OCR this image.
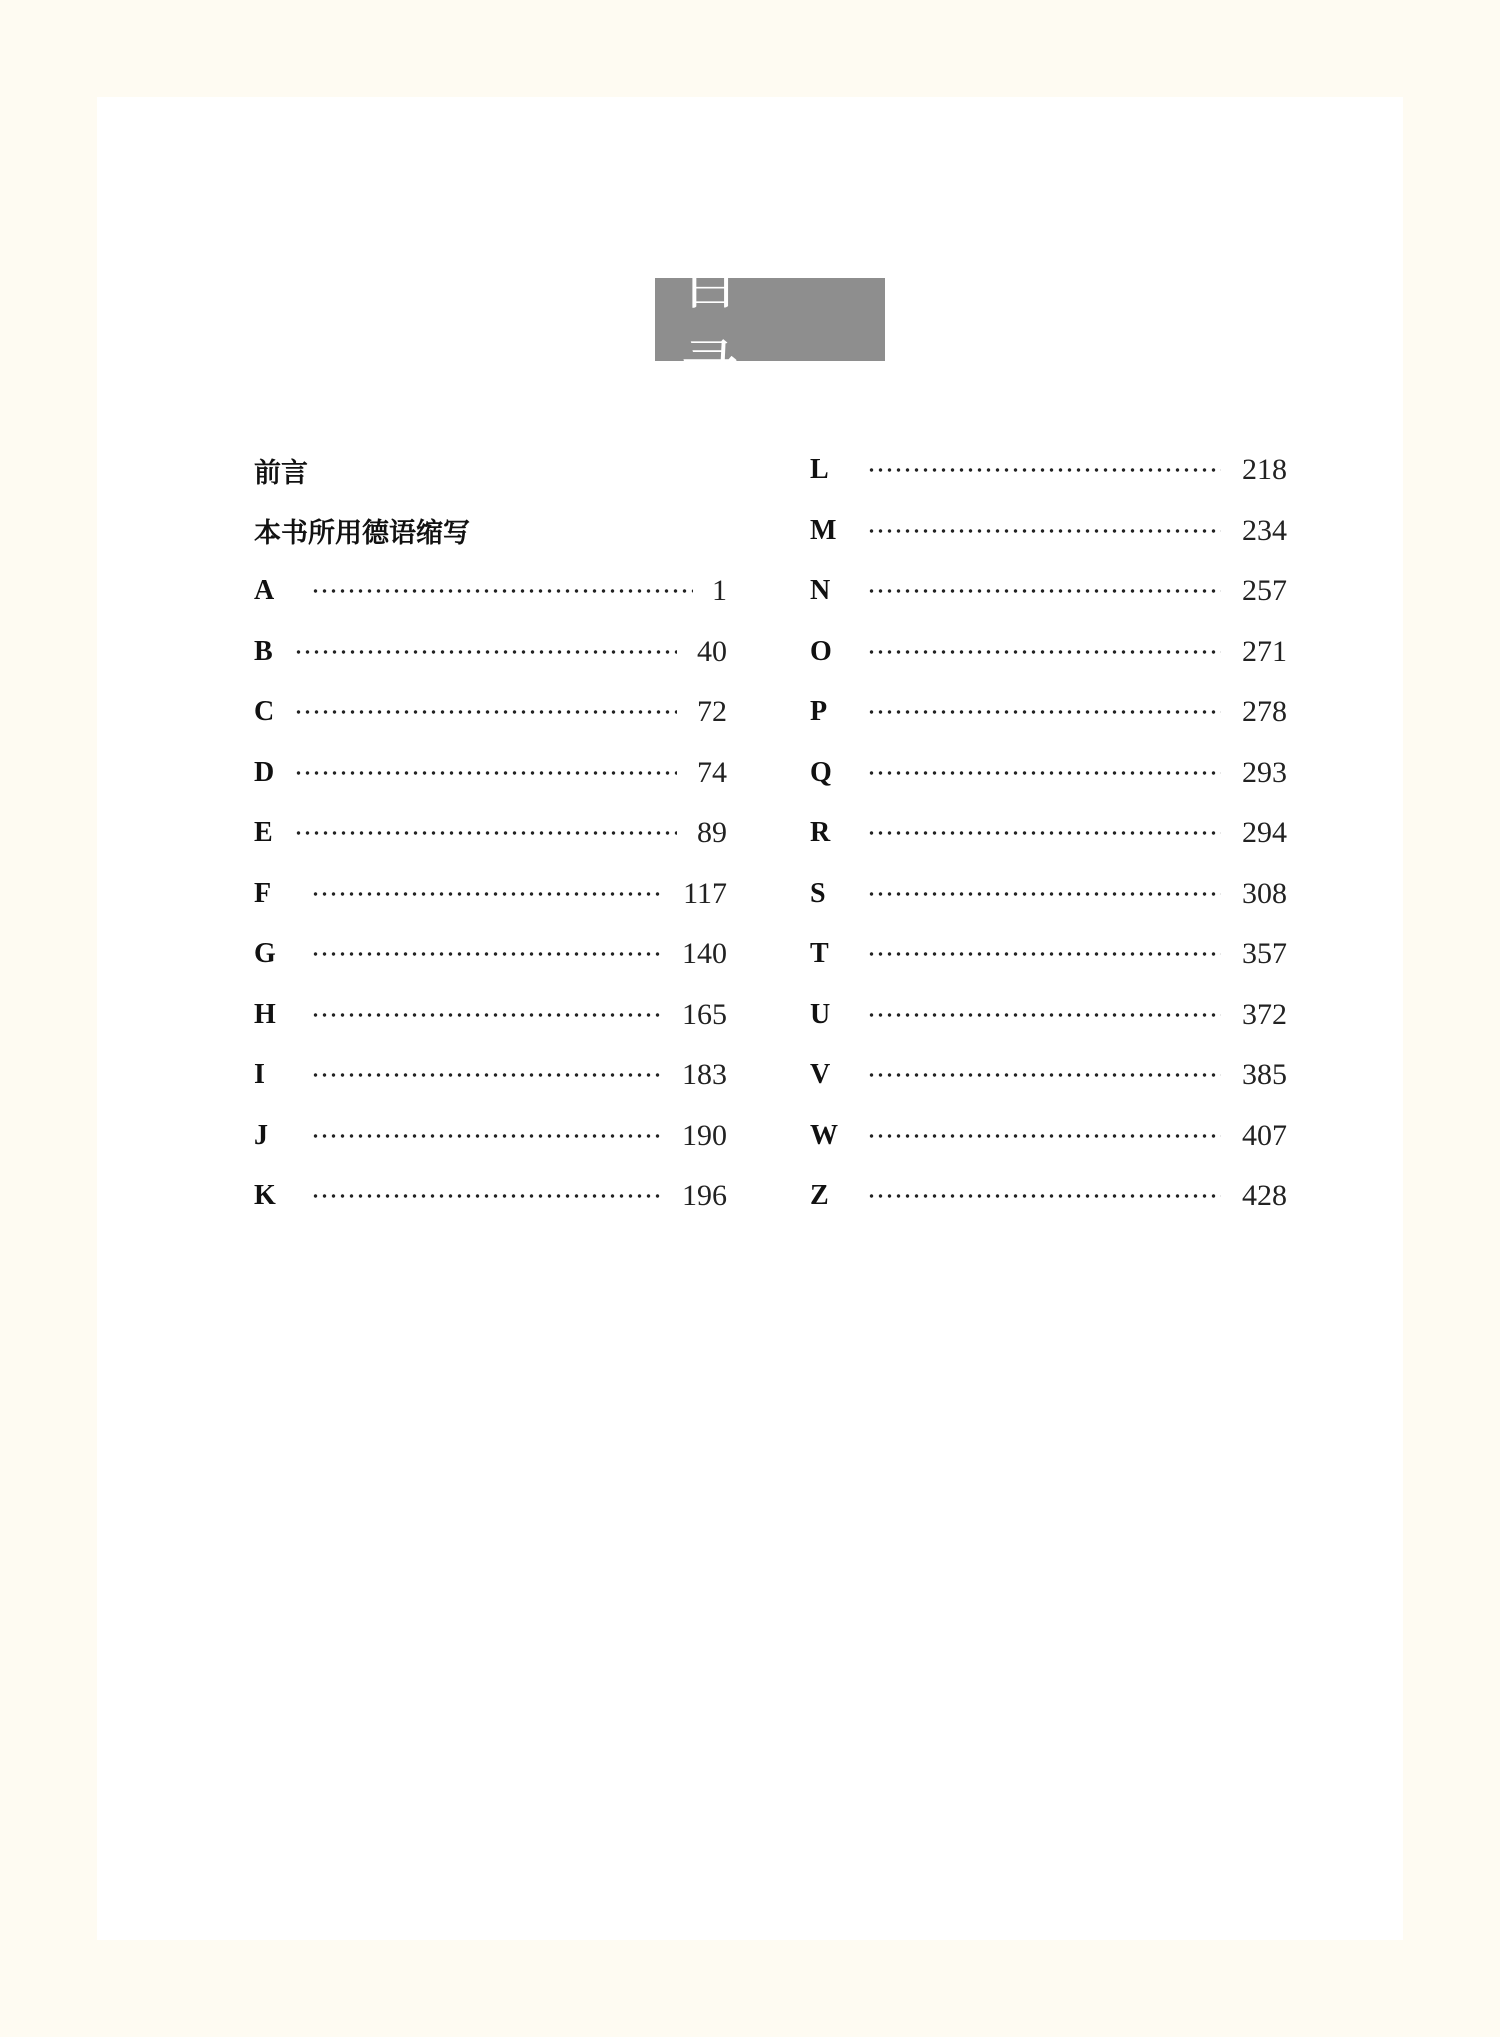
目 录
前言
本书所用德语缩写
A	1
B	40
C	72
D	74
E	89
F	117
G	140
H	165
I	183
J	190
K	196
L	218
M	234
N	257
O	271
P	278
Q	293
R	294
S	308
T	357
U	372
V	385
W	407
Z	428
